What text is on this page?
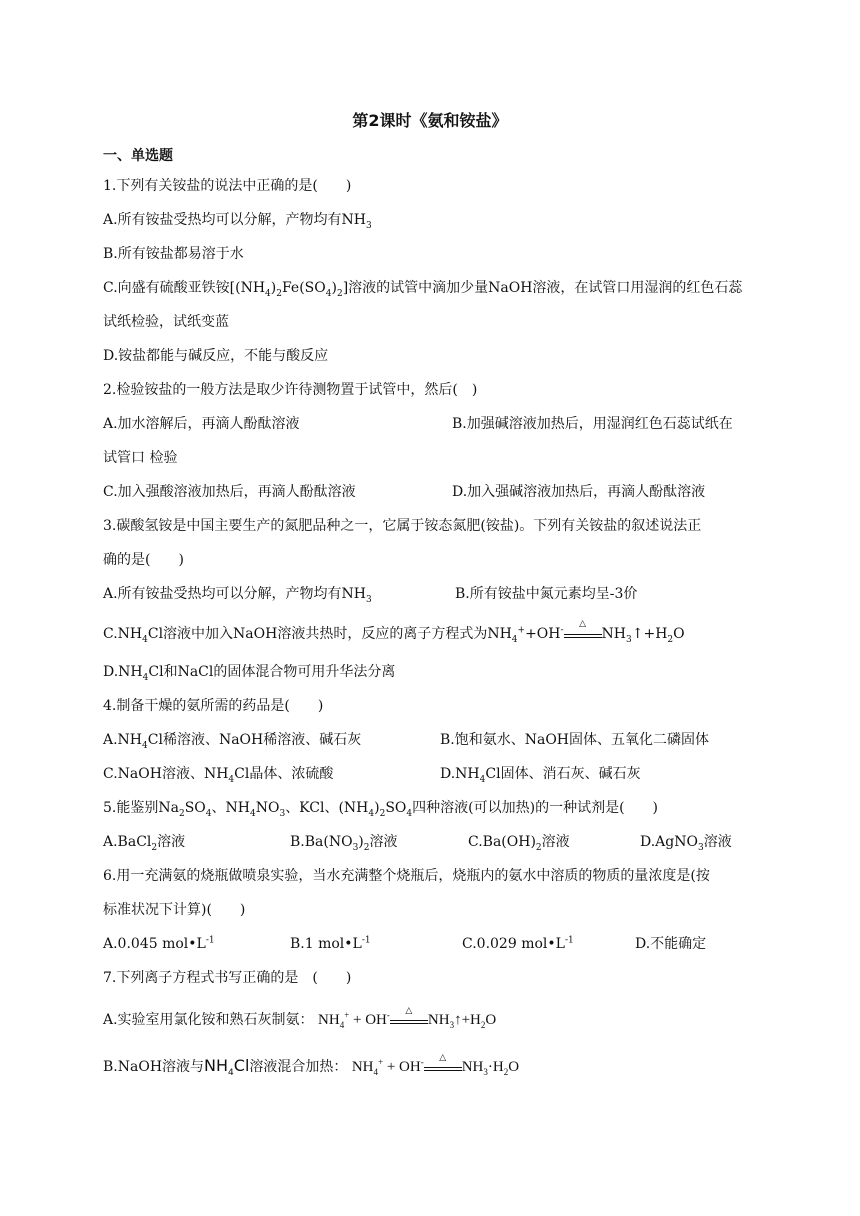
第2课时《氨和铵盐》
一、单选题
1.下列有关铵盐的说法中正确的是(　　)
A.所有铵盐受热均可以分解，产物均有$NH_3$
B.所有铵盐都易溶于水
C.向盛有硫酸亚铁铵$[(NH_4)_2Fe(SO_4)_2]$溶液的试管中滴加少量NaOH溶液，在试管口用湿润的红色石蕊
试纸检验，试纸变蓝
D.铵盐都能与碱反应，不能与酸反应
2.检验铵盐的一般方法是取少许待测物置于试管中，然后(　)
A.加水溶解后，再滴人酚酞溶液	B.加强碱溶液加热后，用湿润红色石蕊试纸在
试管口 检验
C.加入强酸溶液加热后，再滴人酚酞溶液	D.加入强碱溶液加热后，再滴人酚酞溶液
3.碳酸氢铵是中国主要生产的氮肥品种之一，它属于铵态氮肥(铵盐)。下列有关铵盐的叙述说法正
确的是(　　)
A.所有铵盐受热均可以分解，产物均有$NH_3$	B.所有铵盐中氮元素均呈-3价
$C.NH_4Cl$溶液中加入NaOH溶液共热时，反应的离子方程式为$NH_4^++OH^-$
△
$NH_3↑+H_2O$
$D.NH_4Cl$和NaCl的固体混合物可用升华法分离
4.制备干燥的氨所需的药品是(　　)
$A.NH_4Cl$稀溶液、NaOH稀溶液、碱石灰	B.饱和氨水、NaOH固体、五氧化二磷固体
C.NaOH溶液、$NH_4Cl$晶体、浓硫酸	$D.NH_4Cl$固体、消石灰、碱石灰
5.能鉴别$Na_2SO_4$、$NH_4NO_3$、KCl、$(NH_4)_2SO_4$四种溶液(可以加热)的一种试剂是(　　)
A.BaCl$_2$溶液	$B.Ba(NO_3)_2$溶液	$C.Ba(OH)_2$溶液	D.AgNO$_3$溶液
6.用一充满氨的烧瓶做喷泉实验，当水充满整个烧瓶后，烧瓶内的氨水中溶质的物质的量浓度是(按
标准状况下计算)(　　)
A.0.045 $mol•L^{-1}$	B.1 $mol•L^{-1}$	C.0.029 $mol•L^{-1}$	D.不能确定
7.下列离子方程式书写正确的是　(　　)
A.实验室用氯化铵和熟石灰制氨： $NH_4^+ + OH^-$	△
$NH_3↑+H_2O$
B.NaOH溶液与$NH_4Cl$溶液混合加热： $NH_4^+ + OH^-$	△
$NH_3\cdot H_2O$
